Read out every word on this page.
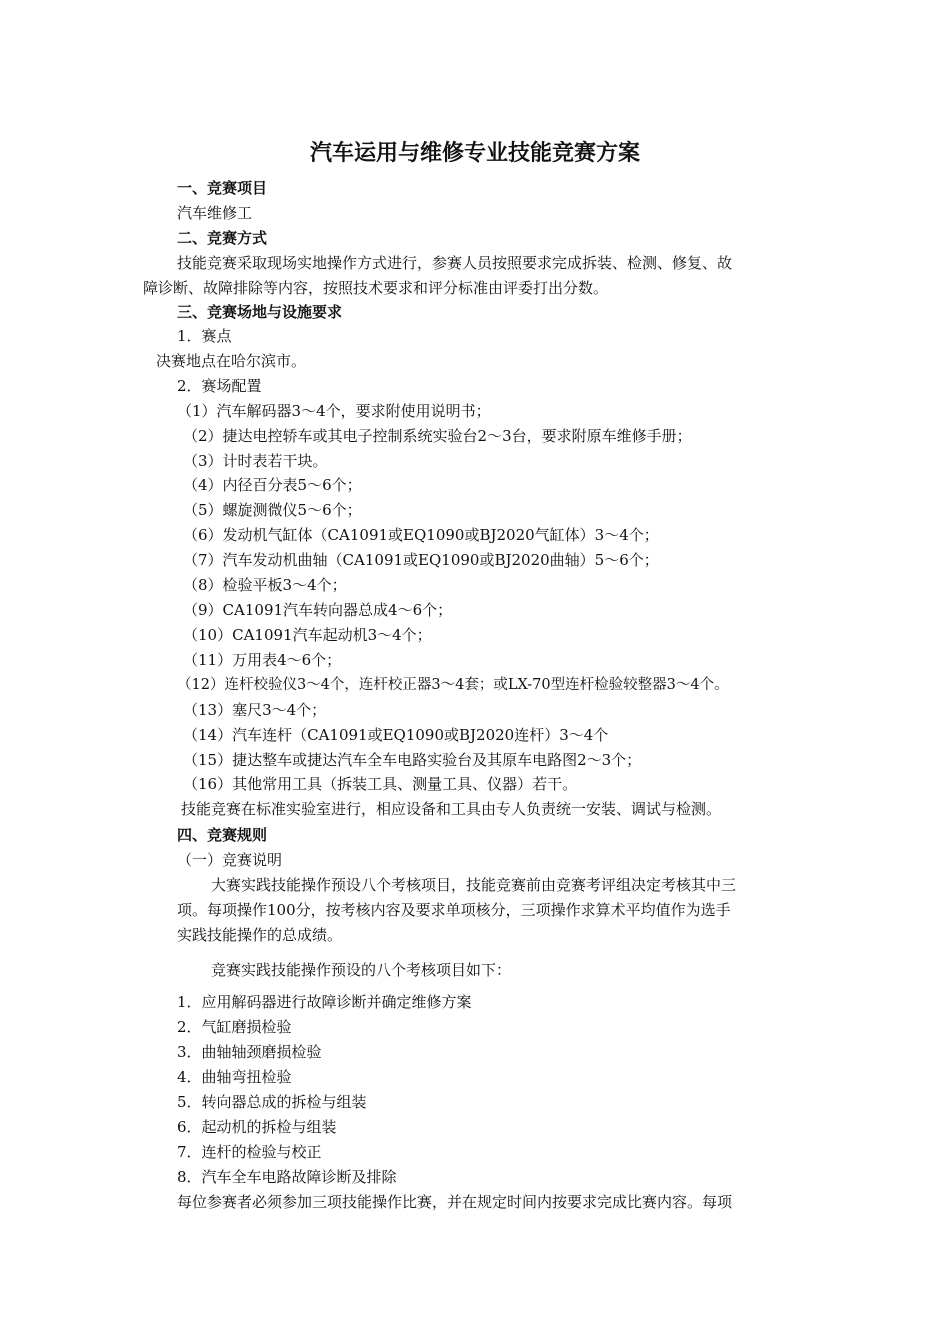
汽车运用与维修专业技能竞赛方案

一、竞赛项目

汽车维修工

二、竞赛方式

技能竞赛采取现场实地操作方式进行，参赛人员按照要求完成拆装、检测、修复、故

障诊断、故障排除等内容，按照技术要求和评分标准由评委打出分数。

三、竞赛场地与设施要求

1．赛点

决赛地点在哈尔滨市。

2．赛场配置

（1）汽车解码器3～4个，要求附使用说明书；

（2）捷达电控轿车或其电子控制系统实验台2～3台，要求附原车维修手册；

（3）计时表若干块。

（4）内径百分表5～6个；

（5）螺旋测微仪5～6个；

（6）发动机气缸体（CA1091或EQ1090或BJ2020气缸体）3～4个；

（7）汽车发动机曲轴（CA1091或EQ1090或BJ2020曲轴）5～6个；

（8）检验平板3～4个；

（9）CA1091汽车转向器总成4～6个；

（10）CA1091汽车起动机3～4个；

（11）万用表4～6个；

（12）连杆校验仪3～4个，连杆校正器3～4套；或LX-70型连杆检验较整器3～4个。

（13）塞尺3～4个；

（14）汽车连杆（CA1091或EQ1090或BJ2020连杆）3～4个

（15）捷达整车或捷达汽车全车电路实验台及其原车电路图2～3个；

（16）其他常用工具（拆装工具、测量工具、仪器）若干。

技能竞赛在标准实验室进行，相应设备和工具由专人负责统一安装、调试与检测。

四、竞赛规则

（一）竞赛说明

大赛实践技能操作预设八个考核项目，技能竞赛前由竞赛考评组决定考核其中三

项。每项操作100分，按考核内容及要求单项核分，三项操作求算术平均值作为选手

实践技能操作的总成绩。

竞赛实践技能操作预设的八个考核项目如下：

1．应用解码器进行故障诊断并确定维修方案

2．气缸磨损检验

3．曲轴轴颈磨损检验

4．曲轴弯扭检验

5．转向器总成的拆检与组装

6．起动机的拆检与组装

7．连杆的检验与校正

8．汽车全车电路故障诊断及排除

每位参赛者必须参加三项技能操作比赛，并在规定时间内按要求完成比赛内容。每项
